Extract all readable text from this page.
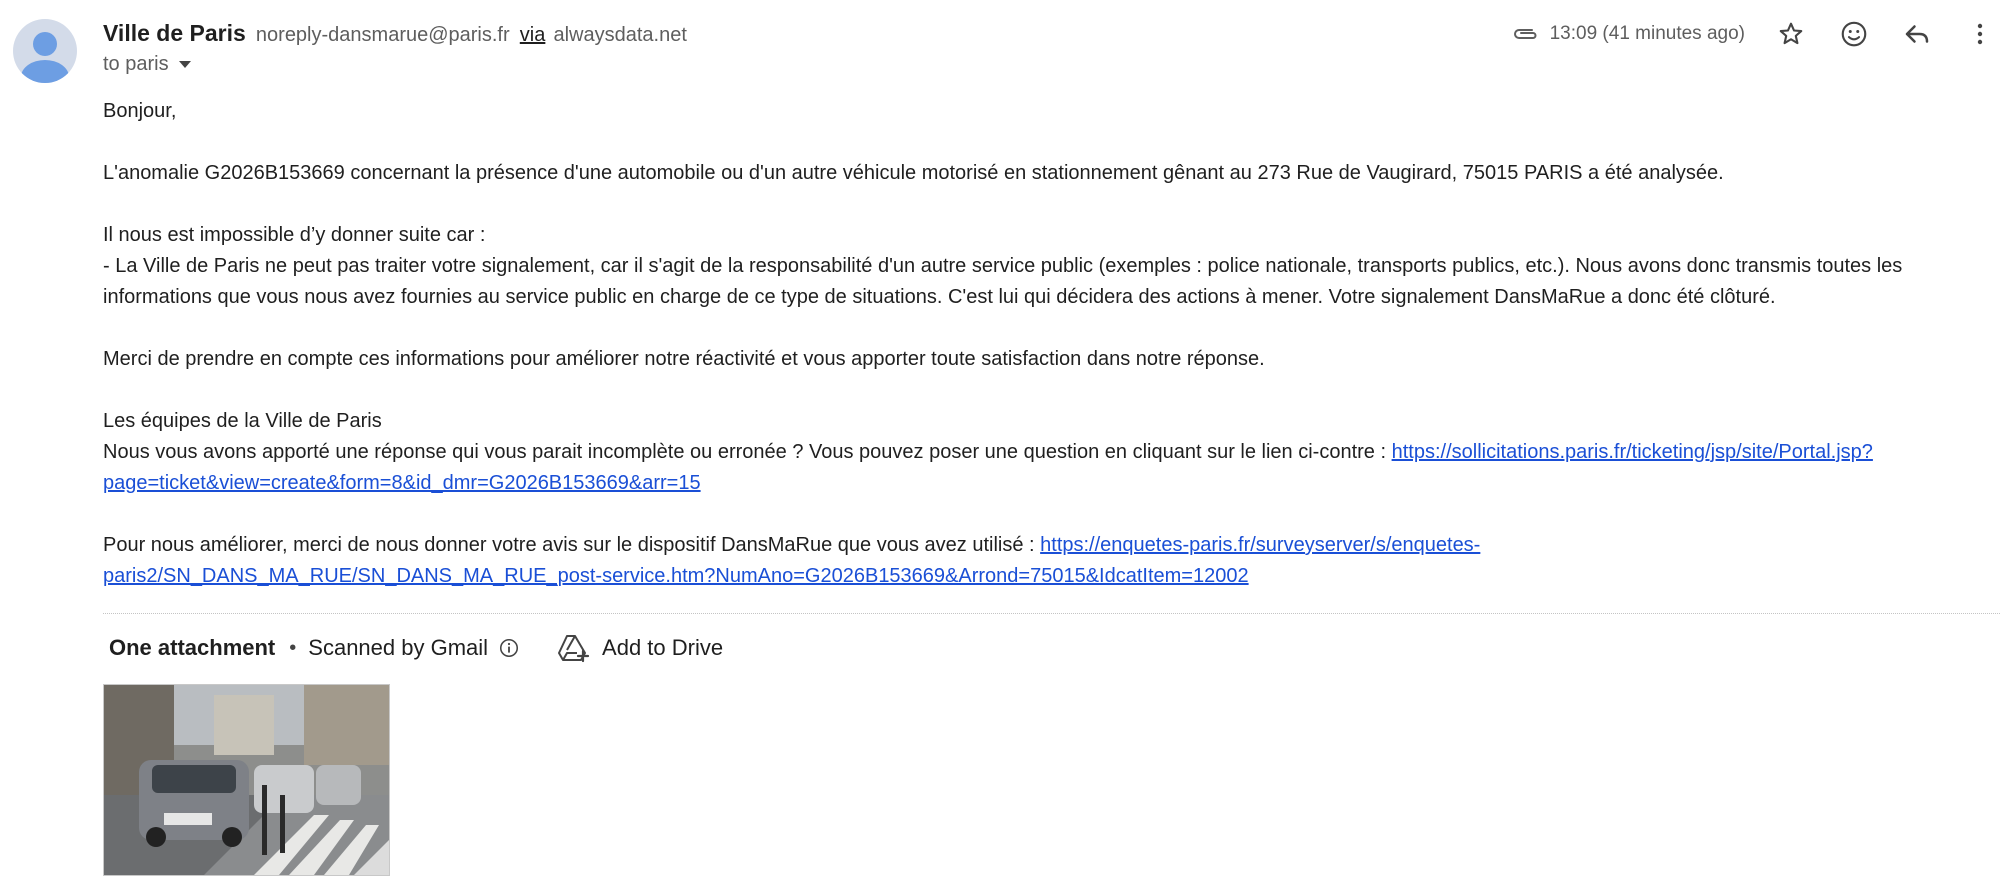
Ville de Paris noreply-dansmarue@paris.fr via alwaysdata.net
to paris
13:09 (41 minutes ago)

Bonjour,

L'anomalie G2026B153669 concernant la présence d'une automobile ou d'un autre véhicule motorisé en stationnement gênant au 273 Rue de Vaugirard, 75015 PARIS a été analysée.

Il nous est impossible d’y donner suite car :
- La Ville de Paris ne peut pas traiter votre signalement, car il s'agit de la responsabilité d'un autre service public (exemples : police nationale, transports publics, etc.). Nous avons donc transmis toutes les informations que vous nous avez fournies au service public en charge de ce type de situations. C'est lui qui décidera des actions à mener. Votre signalement DansMaRue a donc été clôturé.

Merci de prendre en compte ces informations pour améliorer notre réactivité et vous apporter toute satisfaction dans notre réponse.

Les équipes de la Ville de Paris

Nous vous avons apporté une réponse qui vous parait incomplète ou erronée ? Vous pouvez poser une question en cliquant sur le lien ci-contre : https://sollicitations.paris.fr/ticketing/jsp/site/Portal.jsp?page=ticket&view=create&form=8&id_dmr=G2026B153669&arr=15

Pour nous améliorer, merci de nous donner votre avis sur le dispositif DansMaRue que vous avez utilisé : https://enquetes-paris.fr/surveyserver/s/enquetes-paris2/SN_DANS_MA_RUE/SN_DANS_MA_RUE_post-service.htm?NumAno=G2026B153669&Arrond=75015&IdcatItem=12002

One attachment • Scanned by Gmail	Add to Drive
